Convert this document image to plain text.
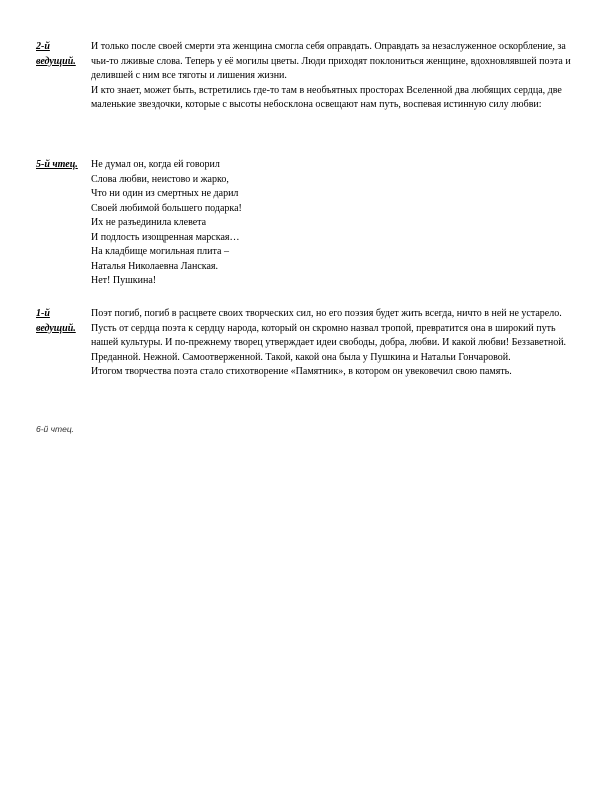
2-й
ведущий.

И только после своей смерти эта женщина смогла себя оправдать. Оправдать за незаслуженное оскорбление, за чьи-то лживые слова. Теперь у её могилы цветы. Люди приходят поклониться женщине, вдохновлявшей поэта и делившей с ним все тяготы и лишения жизни.

И кто знает, может быть, встретились где-то там в необъятных просторах Вселенной два любящих сердца, две маленькие звездочки, которые с высоты небосклона освещают нам путь, воспевая истинную силу любви:

5-й чтец.	Не думал он, когда ей говорил
Слова любви, неистово и жарко,
Что ни один из смертных не дарил
Своей любимой большего подарка!
Их не разъединила клевета
И подлость изощренная марская…
На кладбище могильная плита –
Наталья Николаевна Ланская.
Нет! Пушкина!
1-й
ведущий.

Поэт погиб, погиб в расцвете своих творческих сил, но его поэзия будет жить всегда, ничто в ней не устарело. Пусть от сердца поэта к сердцу народа, который он скромно назвал тропой, превратится она в широкий путь нашей культуры. И по-прежнему творец утверждает идеи свободы, добра, любви. И какой любви! Беззаветной. Преданной. Нежной. Самоотверженной. Такой, какой она была у Пушкина и Натальи Гончаровой.

Итогом творчества поэта стало стихотворение «Памятник», в котором он увековечил свою память.

6-й чтец.
